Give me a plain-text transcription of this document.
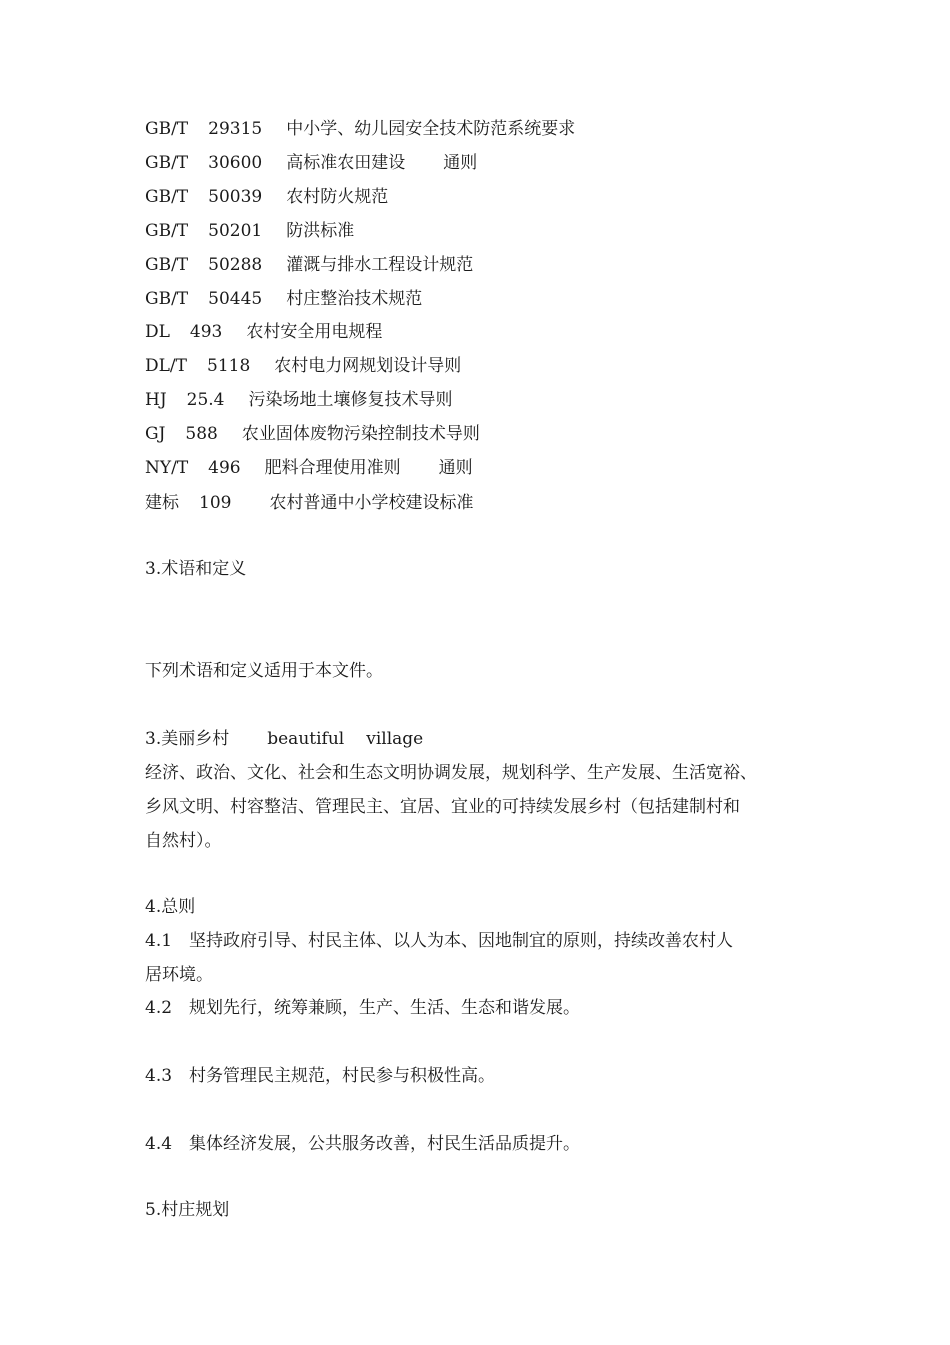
GB/T 29315 中小学、幼儿园安全技术防范系统要求
GB/T 30600 高标准农田建设 通则
GB/T 50039 农村防火规范
GB/T 50201 防洪标准
GB/T 50288 灌溉与排水工程设计规范
GB/T 50445 村庄整治技术规范
DL 493 农村安全用电规程
DL/T 5118 农村电力网规划设计导则
HJ 25.4 污染场地土壤修复技术导则
GJ 588 农业固体废物污染控制技术导则
NY/T 496 肥料合理使用准则 通则
建标 109 农村普通中小学校建设标准
3.术语和定义
下列术语和定义适用于本文件。
3.美丽乡村 beautiful village
经济、政治、文化、社会和生态文明协调发展，规划科学、生产发展、生活宽裕、
乡风文明、村容整洁、管理民主、宜居、宜业的可持续发展乡村（包括建制村和
自然村）。
4.总则
4.1 坚持政府引导、村民主体、以人为本、因地制宜的原则，持续改善农村人
居环境。
4.2 规划先行，统筹兼顾，生产、生活、生态和谐发展。
4.3 村务管理民主规范，村民参与积极性高。
4.4 集体经济发展，公共服务改善，村民生活品质提升。
5.村庄规划
